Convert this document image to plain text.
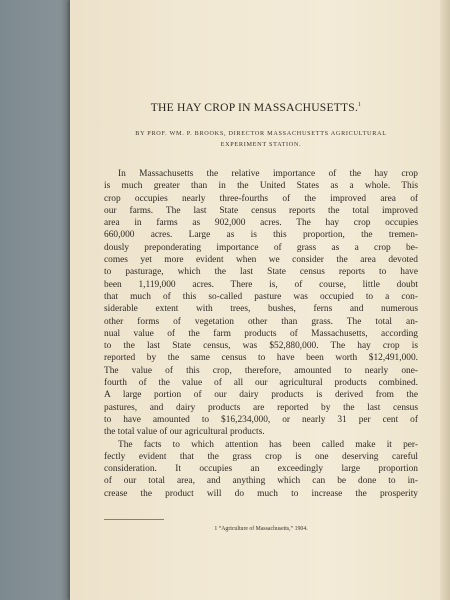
THE HAY CROP IN MASSACHUSETTS.$^1$
BY PROF. WM. P. BROOKS, DIRECTOR MASSACHUSETTS AGRICULTURAL
EXPERIMENT STATION.
In Massachusetts the relative importance of the hay crop
is much greater than in the United States as a whole. This
crop occupies nearly three-fourths of the improved area of
our farms. The last State census reports the total improved
area in farms as 902,000 acres. The hay crop occupies
660,000 acres. Large as is this proportion, the tremen-
dously preponderating importance of grass as a crop be-
comes yet more evident when we consider the area devoted
to pasturage, which the last State census reports to have
been 1,119,000 acres. There is, of course, little doubt
that much of this so-called pasture was occupied to a con-
siderable extent with trees, bushes, ferns and numerous
other forms of vegetation other than grass. The total an-
nual value of the farm products of Massachusetts, according
to the last State census, was $52,880,000. The hay crop is
reported by the same census to have been worth $12,491,000.
The value of this crop, therefore, amounted to nearly one-
fourth of the value of all our agricultural products combined.
A large portion of our dairy products is derived from the
pastures, and dairy products are reported by the last census
to have amounted to $16,234,000, or nearly 31 per cent of
the total value of our agricultural products.
The facts to which attention has been called make it per-
fectly evident that the grass crop is one deserving careful
consideration. It occupies an exceedingly large proportion
of our total area, and anything which can be done to in-
crease the product will do much to increase the prosperity
1 “Agriculture of Massachusetts,” 1904.
